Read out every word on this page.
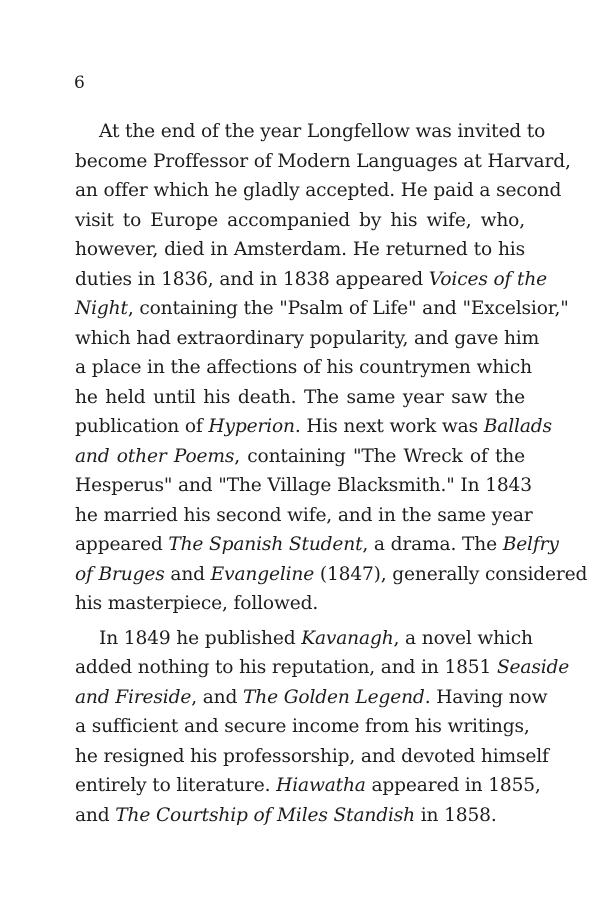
6
At the end of the year Longfellow was invited to
become Proffessor of Modern Languages at Harvard,
an offer which he gladly accepted. He paid a second
visit to Europe accompanied by his wife, who,
however, died in Amsterdam. He returned to his
duties in 1836, and in 1838 appeared Voices of the
Night, containing the "Psalm of Life" and "Excelsior,"
which had extraordinary popularity, and gave him
a place in the affections of his countrymen which
he held until his death. The same year saw the
publication of Hyperion. His next work was Ballads
and other Poems, containing "The Wreck of the
Hesperus" and "The Village Blacksmith." In 1843
he married his second wife, and in the same year
appeared The Spanish Student, a drama. The Belfry
of Bruges and Evangeline (1847), generally considered
his masterpiece, followed.
In 1849 he published Kavanagh, a novel which
added nothing to his reputation, and in 1851 Seaside
and Fireside, and The Golden Legend. Having now
a sufficient and secure income from his writings,
he resigned his professorship, and devoted himself
entirely to literature. Hiawatha appeared in 1855,
and The Courtship of Miles Standish in 1858.
